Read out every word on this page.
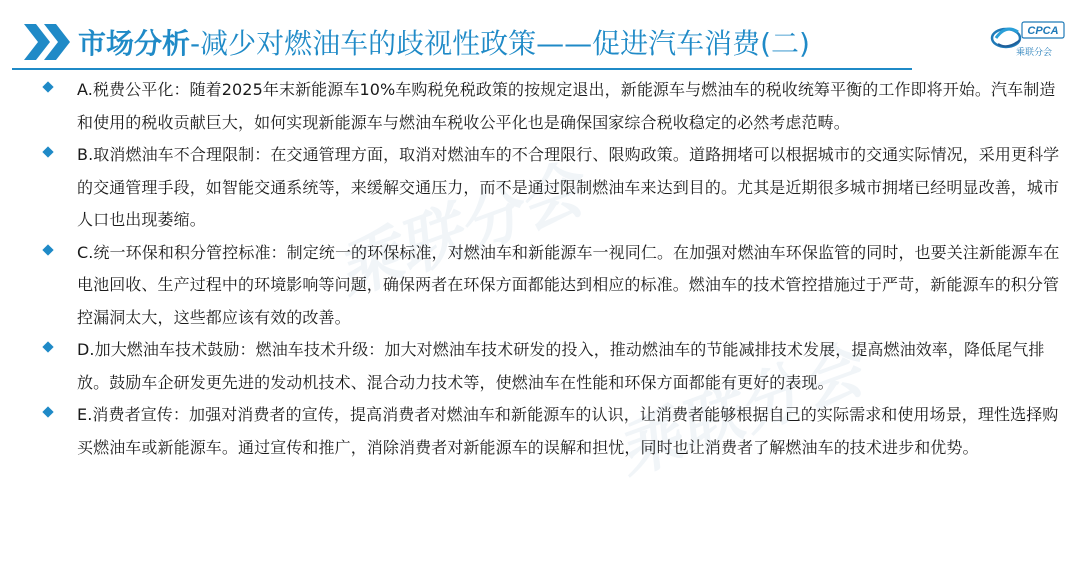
乘联分会
乘联分会
市场分析-减少对燃油车的歧视性政策——促进汽车消费(二)	CPCA
乘联分会
A.税费公平化：随着2025年末新能源车10%车购税免税政策的按规定退出，新能源车与燃油车的税收统筹平衡的工作即将开始。汽车制造和使用的税收贡献巨大，如何实现新能源车与燃油车税收公平化也是确保国家综合税收稳定的必然考虑范畴。
B.取消燃油车不合理限制：在交通管理方面，取消对燃油车的不合理限行、限购政策。道路拥堵可以根据城市的交通实际情况，采用更科学的交通管理手段，如智能交通系统等，来缓解交通压力，而不是通过限制燃油车来达到目的。尤其是近期很多城市拥堵已经明显改善，城市人口也出现萎缩。
C.统一环保和积分管控标准：制定统一的环保标准，对燃油车和新能源车一视同仁。在加强对燃油车环保监管的同时，也要关注新能源车在电池回收、生产过程中的环境影响等问题，确保两者在环保方面都能达到相应的标准。燃油车的技术管控措施过于严苛，新能源车的积分管控漏洞太大，这些都应该有效的改善。
D.加大燃油车技术鼓励：燃油车技术升级：加大对燃油车技术研发的投入，推动燃油车的节能减排技术发展，提高燃油效率，降低尾气排放。鼓励车企研发更先进的发动机技术、混合动力技术等，使燃油车在性能和环保方面都能有更好的表现。
E.消费者宣传：加强对消费者的宣传，提高消费者对燃油车和新能源车的认识，让消费者能够根据自己的实际需求和使用场景，理性选择购买燃油车或新能源车。通过宣传和推广，消除消费者对新能源车的误解和担忧，同时也让消费者了解燃油车的技术进步和优势。
